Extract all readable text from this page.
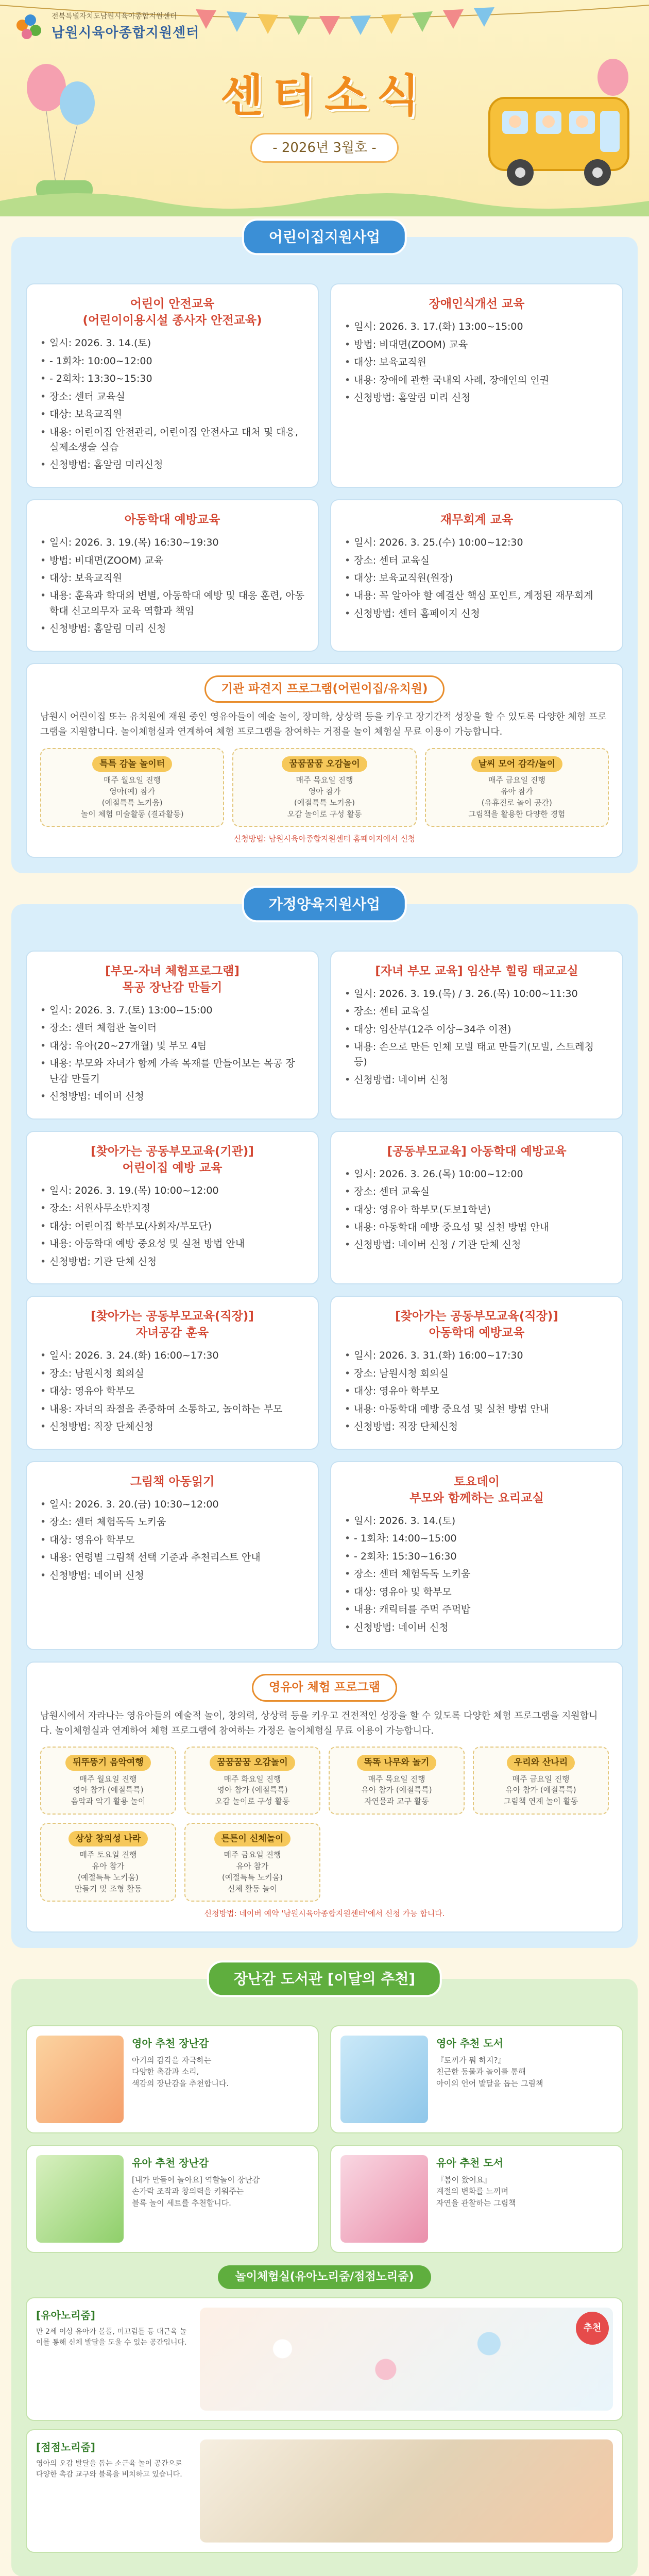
전북특별자치도남원시육아종합지원센터
남원시육아종합지원센터
센터소식
- 2026년 3월호 -
어린이집지원사업
어린이 안전교육
(어린이이용시설 종사자 안전교육)
• 일시: 2026. 3. 14.(토)
• - 1회차: 10:00~12:00
• - 2회차: 13:30~15:30
• 장소: 센터 교육실
• 대상: 보육교직원
• 내용: 어린이집 안전관리, 어린이집 안전사고 대처 및 대응, 실제소생술 실습
• 신청방법: 홈알림 미리신청
장애인식개선 교육
• 일시: 2026. 3. 17.(화) 13:00~15:00
• 방법: 비대면(ZOOM) 교육
• 대상: 보육교직원
• 내용: 장애에 관한 국내외 사례, 장애인의 인권
• 신청방법: 홈알림 미리 신청
아동학대 예방교육
• 일시: 2026. 3. 19.(목) 16:30~19:30
• 방법: 비대면(ZOOM) 교육
• 대상: 보육교직원
• 내용: 훈육과 학대의 변별, 아동학대 예방 및 대응 훈련, 아동학대 신고의무자 교육 역할과 책임
• 신청방법: 홈알림 미리 신청
재무회계 교육
• 일시: 2026. 3. 25.(수) 10:00~12:30
• 장소: 센터 교육실
• 대상: 보육교직원(원장)
• 내용: 꼭 알아야 할 예결산 핵심 포인트, 계정된 재무회계
• 신청방법: 센터 홈페이지 신청
기관 파견지 프로그램(어린이집/유치원)
남원시 어린이집 또는 유치원에 재원 중인 영유아들이 예술 놀이, 장미학, 상상력 등을 키우고 장기간적 성장을 할 수 있도록 다양한 체험 프로그램을 지원합니다. 놀이체험실과 연계하여 체험 프로그램을 참여하는 거점을 놀이 체험실 무료 이용이 가능합니다.
특특 감놀 놀이터
매주 월요일 진행
영아(예) 참가
(예절특특 노키움)
놀이 체험 미술활동 (결과활동)
꿈꿈꿈꿈 오감놀이
매주 목요일 진행
영아 참가
(예절특특 노키움)
오감 놀이로 구성 활동
날씨 모어 감각/놀이
매주 금요일 진행
유아 참가
(유휴진로 놀이 공간)
그림책을 활용한 다양한 경험
신청방법: 남원시육아종합지원센터 홈페이지에서 신청
가정양육지원사업
[부모-자녀 체험프로그램]
목공 장난감 만들기
• 일시: 2026. 3. 7.(토) 13:00~15:00
• 장소: 센터 체험관 놀이터
• 대상: 유아(20~27개월) 및 부모 4팀
• 내용: 부모와 자녀가 함께 가족 목재를 만들어보는 목공 장난감 만들기
• 신청방법: 네이버 신청
[자녀 부모 교육] 임산부 힐링 태교교실
• 일시: 2026. 3. 19.(목) / 3. 26.(목) 10:00~11:30
• 장소: 센터 교육실
• 대상: 임산부(12주 이상~34주 이전)
• 내용: 손으로 만든 인체 모빌 태교 만들기(모빌, 스트레칭 등)
• 신청방법: 네이버 신청
[찾아가는 공동부모교육(기관)]
어린이집 예방 교육
• 일시: 2026. 3. 19.(목) 10:00~12:00
• 장소: 서원사무소반지정
• 대상: 어린이집 학부모(사회자/부모단)
• 내용: 아동학대 예방 중요성 및 실천 방법 안내
• 신청방법: 기관 단체 신청
[공동부모교육] 아동학대 예방교육
• 일시: 2026. 3. 26.(목) 10:00~12:00
• 장소: 센터 교육실
• 대상: 영유아 학부모(도보1학년)
• 내용: 아동학대 예방 중요성 및 실천 방법 안내
• 신청방법: 네이버 신청 / 기관 단체 신청
[찾아가는 공동부모교육(직장)]
자녀공감 훈육
• 일시: 2026. 3. 24.(화) 16:00~17:30
• 장소: 남원시청 회의실
• 대상: 영유아 학부모
• 내용: 자녀의 좌절을 존중하여 소통하고, 놀이하는 부모
• 신청방법: 직장 단체신청
[찾아가는 공동부모교육(직장)]
아동학대 예방교육
• 일시: 2026. 3. 31.(화) 16:00~17:30
• 장소: 남원시청 회의실
• 대상: 영유아 학부모
• 내용: 아동학대 예방 중요성 및 실천 방법 안내
• 신청방법: 직장 단체신청
그림책 아동읽기
• 일시: 2026. 3. 20.(금) 10:30~12:00
• 장소: 센터 체험독독 노키움
• 대상: 영유아 학부모
• 내용: 연령별 그림책 선택 기준과 추천리스트 안내
• 신청방법: 네이버 신청
토요데이
부모와 함께하는 요리교실
• 일시: 2026. 3. 14.(토)
• - 1회차: 14:00~15:00
• - 2회차: 15:30~16:30
• 장소: 센터 체험독독 노키움
• 대상: 영유아 및 학부모
• 내용: 캐릭터를 주먹 주먹밥
• 신청방법: 네이버 신청
영유아 체험 프로그램
남원시에서 자라나는 영유아들의 예술적 놀이, 창의력, 상상력 등을 키우고 건전적인 성장을 할 수 있도록 다양한 체험 프로그램을 지원합니다. 놀이체험실과 연계하여 체험 프로그램에 참여하는 가정은 놀이체험실 무료 이용이 가능합니다.
뒤뚜뚱기 음악여행
매주 월요일 진행
영아 참가 (예절특특)
음악과 악기 활용 놀이
꿈꿈꿈꿈 오감놀이
매주 화요일 진행
영아 참가 (예절특특)
오감 놀이로 구성 활동
똑똑 나무와 놀기
매주 목요일 진행
유아 참가 (예절특특)
자연물과 교구 활동
우리와 산나리
매주 금요일 진행
유아 참가 (예절특특)
그림책 연계 놀이 활동
상상 창의성 나라
매주 토요일 진행
유아 참가
(예절특특 노키움)
만들기 및 조형 활동
튼튼이 신체놀이
매주 금요일 진행
유아 참가
(예절특특 노키움)
신체 활동 놀이
신청방법: 네이버 예약 '남원시육아종합지원센터'에서 신청 가능 합니다.
장난감 도서관 [이달의 추천]
영아 추천 장난감
아기의 감각을 자극하는
다양한 촉감과 소리,
색감의 장난감을 추천합니다.
영아 추천 도서
『토끼가 뭐 하지?』
친근한 동물과 놀이를 통해
아이의 언어 발달을 돕는 그림책
유아 추천 장난감
[내가 만들어 놀아요] 역할놀이 장난감
손가락 조작과 창의력을 키워주는
블록 놀이 세트를 추천합니다.
유아 추천 도서
『봄이 왔어요』
계절의 변화를 느끼며
자연을 관찰하는 그림책
놀이체험실(유아노리줌/점점노리줌)
[유아노리줌]
만 2세 이상 유아가 볼풀, 미끄럼틀 등 대근육 놀이를 통해 신체 발달을 도울 수 있는 공간입니다.
추천
[점점노리줌]
영아의 오감 발달을 돕는 소근육 놀이 공간으로 다양한 촉감 교구와 블록을 비치하고 있습니다.
